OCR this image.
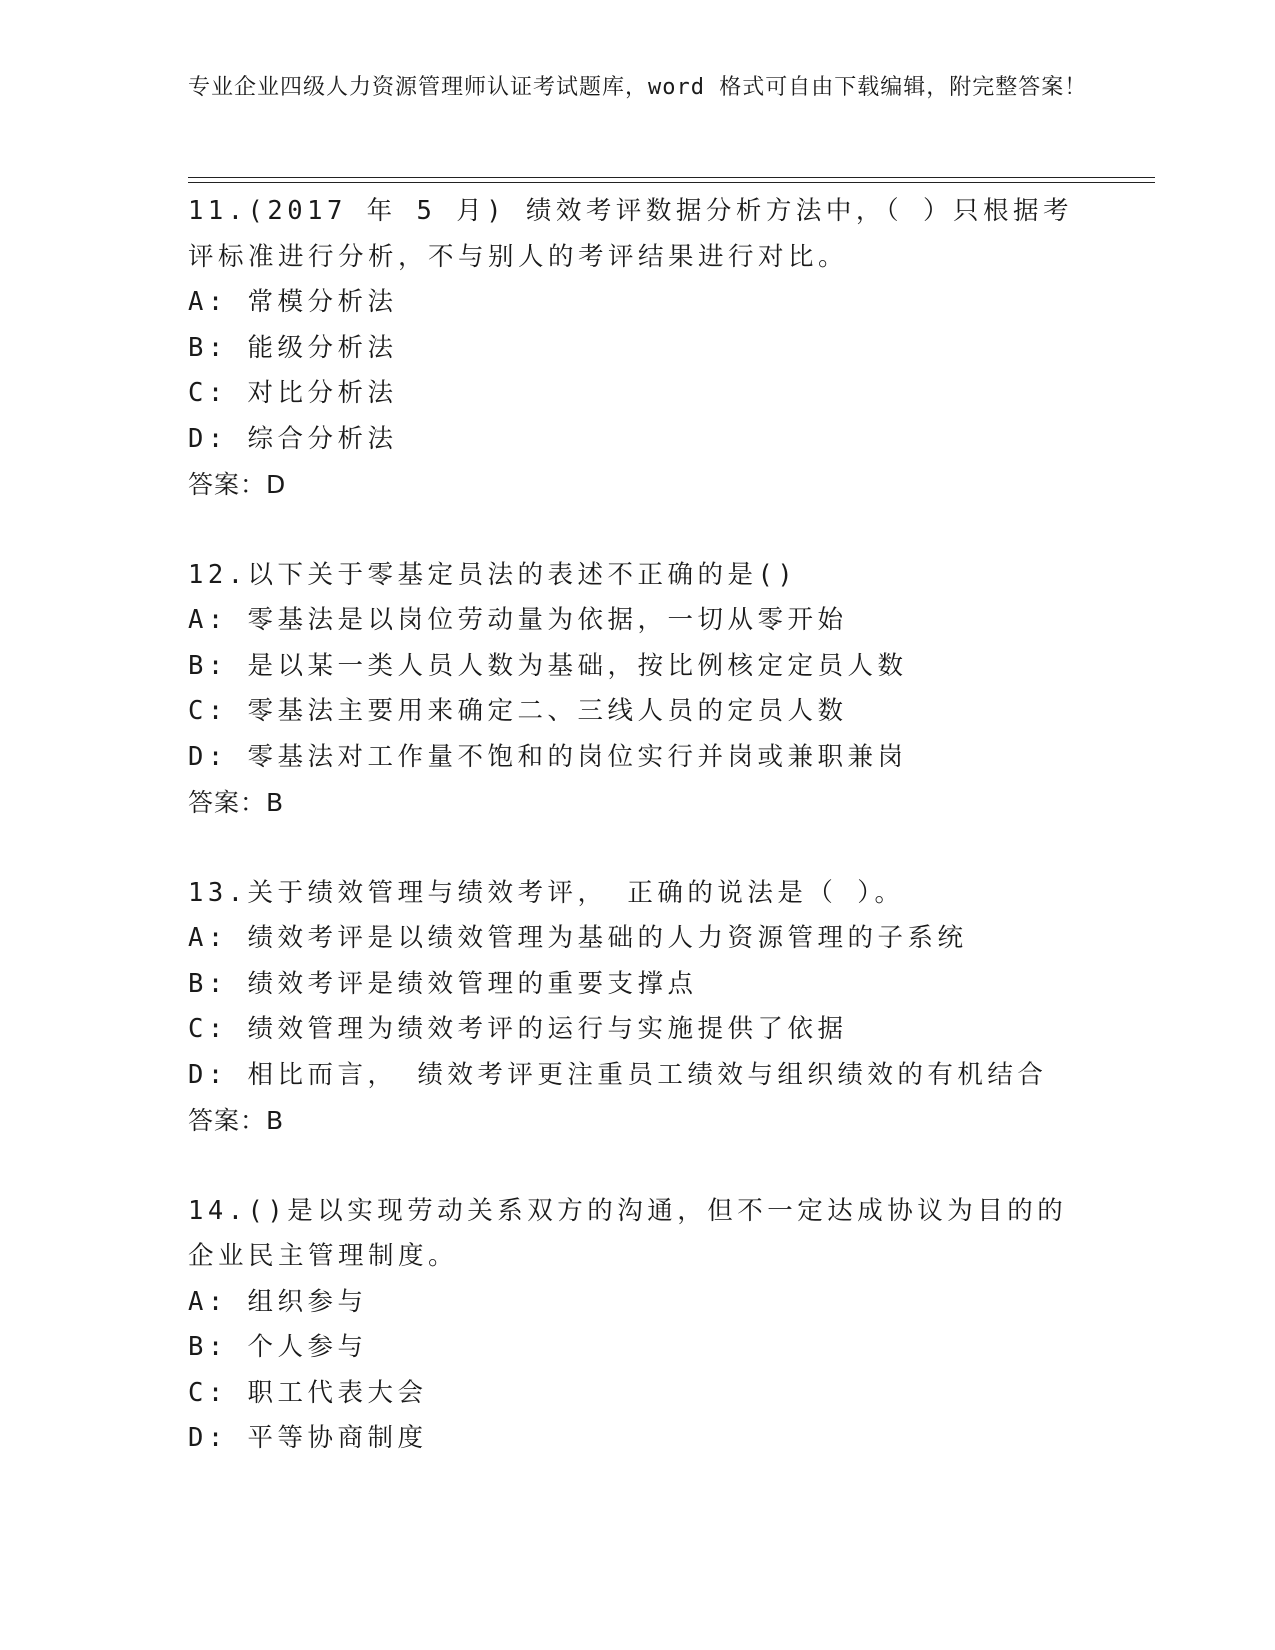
专业企业四级人力资源管理师认证考试题库，word 格式可自由下载编辑，附完整答案！
11.(2017 年 5 月) 绩效考评数据分析方法中，（ ）只根据考评标准进行分析，不与别人的考评结果进行对比。
A: 常模分析法
B: 能级分析法
C: 对比分析法
D: 综合分析法
答案：D
12.以下关于零基定员法的表述不正确的是()
A: 零基法是以岗位劳动量为依据，一切从零开始
B: 是以某一类人员人数为基础，按比例核定定员人数
C: 零基法主要用来确定二、三线人员的定员人数
D: 零基法对工作量不饱和的岗位实行并岗或兼职兼岗
答案：B
13.关于绩效管理与绩效考评， 正确的说法是（ ）。
A: 绩效考评是以绩效管理为基础的人力资源管理的子系统
B: 绩效考评是绩效管理的重要支撑点
C: 绩效管理为绩效考评的运行与实施提供了依据
D: 相比而言， 绩效考评更注重员工绩效与组织绩效的有机结合
答案：B
14.()是以实现劳动关系双方的沟通，但不一定达成协议为目的的企业民主管理制度。
A: 组织参与
B: 个人参与
C: 职工代表大会
D: 平等协商制度
